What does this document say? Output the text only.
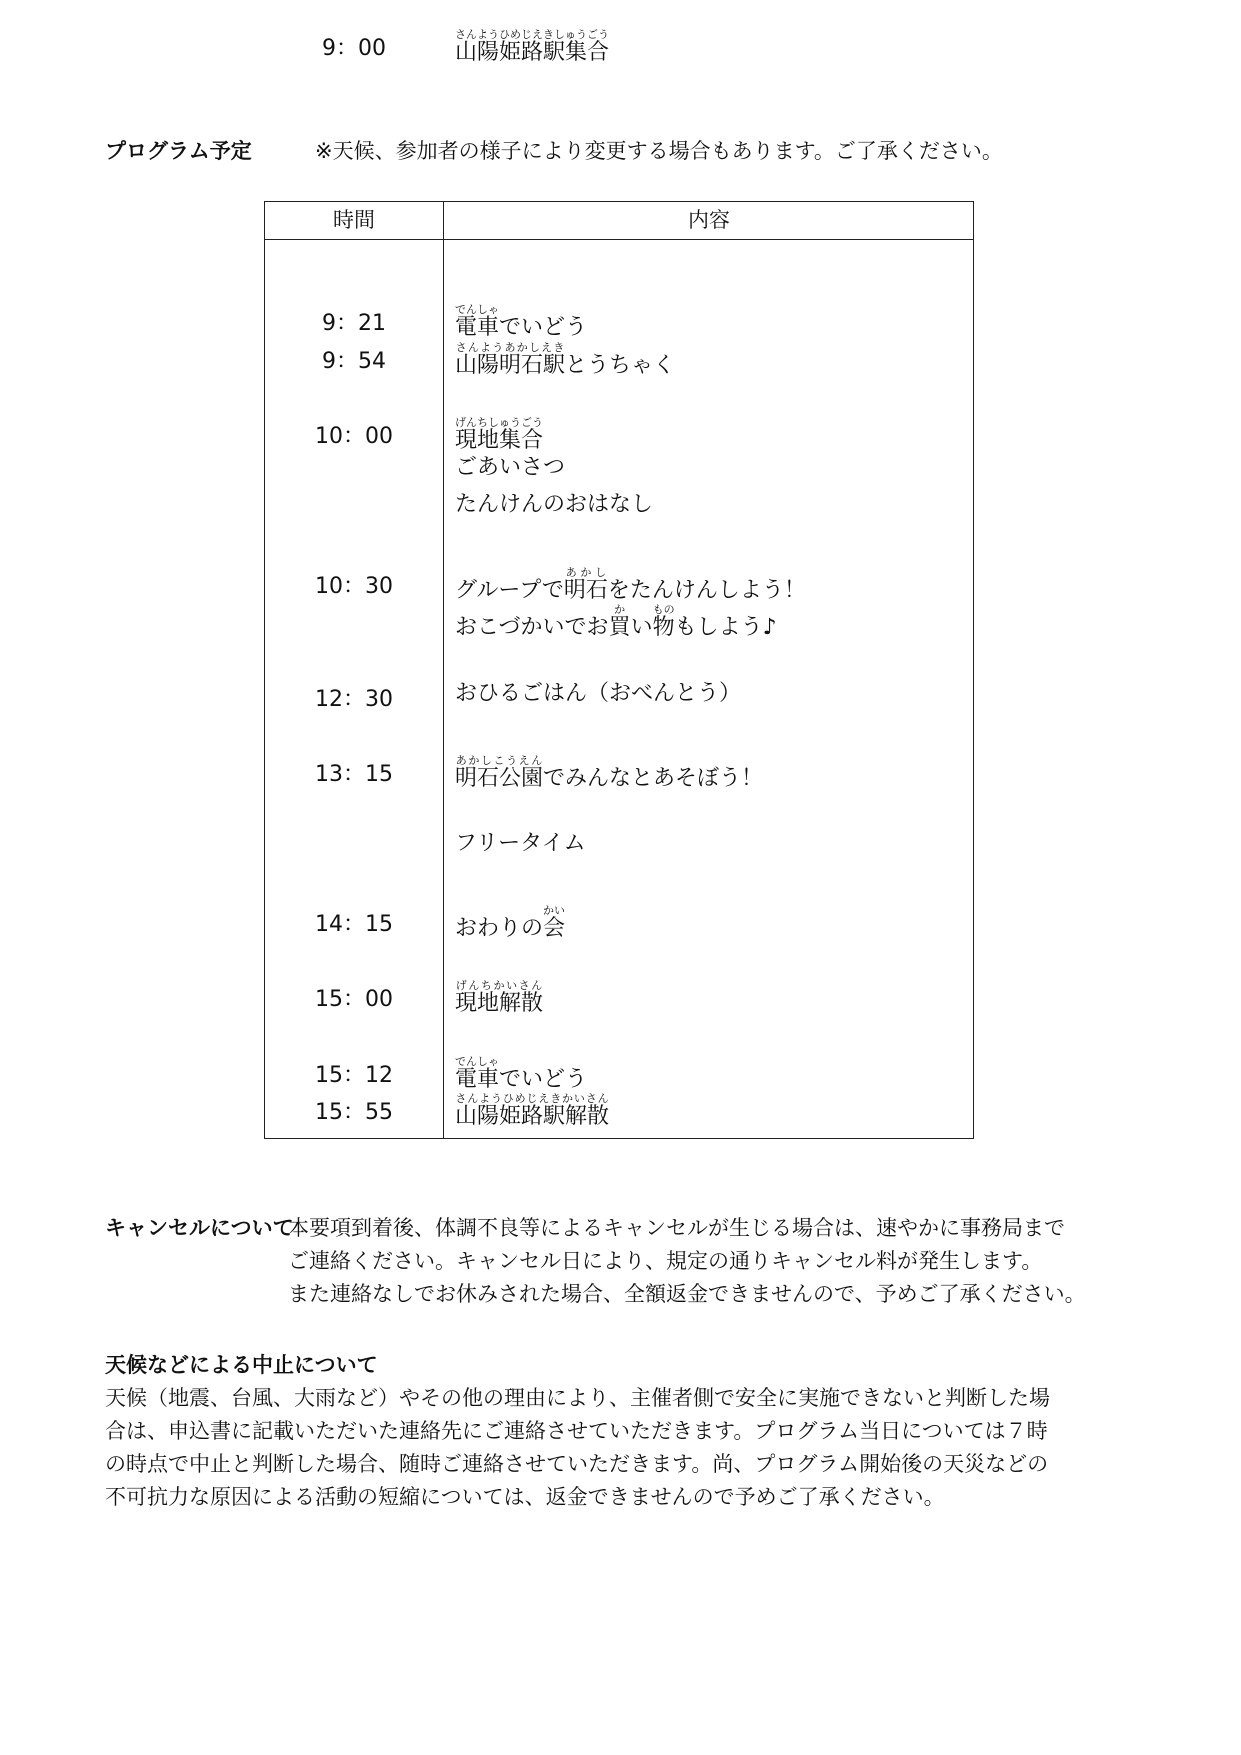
プログラム予定	※天候、参加者の様子により変更する場合もあります。ご了承ください。
時間	内容
9：00	山陽姫路駅集合さんようひめじえきしゅうごう
9：21	電車でんしゃでいどう
9：54	山陽明石駅さんようあかしえきとうちゃく
10：00	現地集合げんちしゅうごう
ごあいさつ
たんけんのおはなし
10：30	グループで明石あかしをたんけんしよう！
おこづかいでお買かい物ものもしよう♪
12：30	おひるごはん（おべんとう）
13：15	明石公園あかしこうえんでみんなとあそぼう！
フリータイム
14：15	おわりの会かい
15：00	現地解散げんちかいさん
15：12	電車でんしゃでいどう
15：55	山陽姫路駅解散さんようひめじえきかいさん
キャンセルについて
本要項到着後、体調不良等によるキャンセルが生じる場合は、速やかに事務局まで
ご連絡ください。キャンセル日により、規定の通りキャンセル料が発生します。
また連絡なしでお休みされた場合、全額返金できませんので、予めご了承ください。
天候などによる中止について
天候（地震、台風、大雨など）やその他の理由により、主催者側で安全に実施できないと判断した場
合は、申込書に記載いただいた連絡先にご連絡させていただきます。プログラム当日については７時
の時点で中止と判断した場合、随時ご連絡させていただきます。尚、プログラム開始後の天災などの
不可抗力な原因による活動の短縮については、返金できませんので予めご了承ください。
